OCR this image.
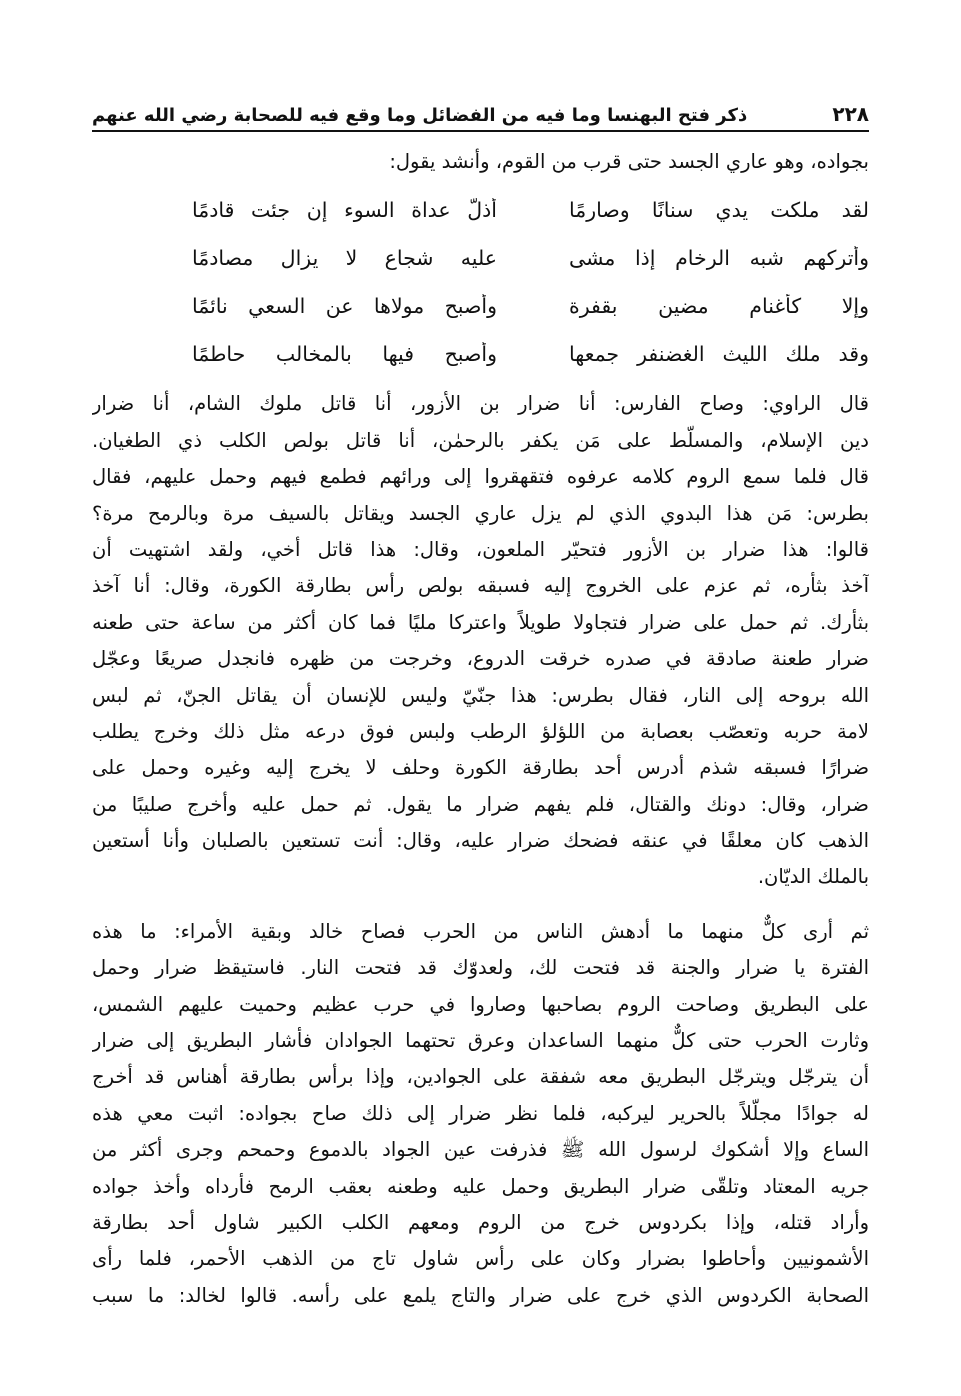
٢٢٨
ذكر فتح البهنسا وما فيه من الفضائل وما وقع فيه للصحابة رضي الله عنهم
بجواده، وهو عاري الجسد حتى قرب من القوم، وأنشد يقول:
لقد ملكت يدي سنانًا وصارمًا
أذلّ عداة السوء إن جئت قادمًا
وأتركهم شبه الرخام إذا مشى
عليه شجاع لا يزال مصادمًا
وإلا كأغنام مضين بقفرة
وأصبح مولاها عن السعي نائمًا
وقد ملك الليث الغضنفر جمعها
وأصبح فيها بالمخالب حاطمًا
قال الراوي: وصاح الفارس: أنا ضرار بن الأزور، أنا قاتل ملوك الشام، أنا ضرار
دين الإسلام، والمسلّط على مَن يكفر بالرحمٰن، أنا قاتل بولص الكلب ذي الطغيان.
قال فلما سمع الروم كلامه عرفوه فتقهقروا إلى ورائهم فطمع فيهم وحمل عليهم، فقال
بطرس: مَن هذا البدوي الذي لم يزل عاري الجسد ويقاتل بالسيف مرة وبالرمح مرة؟
قالوا: هذا ضرار بن الأزور فتحيّر الملعون، وقال: هذا قاتل أخي، ولقد اشتهيت أن
آخذ بثأره، ثم عزم على الخروج إليه فسبقه بولص رأس بطارقة الكورة، وقال: أنا آخذ
بثأرك. ثم حمل على ضرار فتجاولا طويلاً واعتركا مليًا فما كان أكثر من ساعة حتى طعنه
ضرار طعنة صادقة في صدره خرقت الدروع، وخرجت من ظهره فانجدل صريعًا وعجّل
الله بروحه إلى النار، فقال بطرس: هذا جنّيّ وليس للإنسان أن يقاتل الجنّ، ثم لبس
لامة حربه وتعصّب بعصابة من اللؤلؤ الرطب ولبس فوق درعه مثل ذلك وخرج يطلب
ضرارًا فسبقه شذم أدرس أحد بطارقة الكورة وحلف لا يخرج إليه وغيره وحمل على
ضرار، وقال: دونك والقتال، فلم يفهم ضرار ما يقول. ثم حمل عليه وأخرج صليبًا من
الذهب كان معلقًا في عنقه فضحك ضرار عليه، وقال: أنت تستعين بالصلبان وأنا أستعين
بالملك الديّان.
ثم أرى كلٌّ منهما ما أدهش الناس من الحرب فصاح خالد وبقية الأمراء: ما هذه
الفترة يا ضرار والجنة قد فتحت لك، ولعدوّك قد فتحت النار. فاستيقظ ضرار وحمل
على البطريق وصاحت الروم بصاحبها وصاروا في حرب عظيم وحميت عليهم الشمس،
وثارت الحرب حتى كلٌّ منهما الساعدان وعرق تحتهما الجوادان فأشار البطريق إلى ضرار
أن يترجّل ويترجّل البطريق معه شفقة على الجوادين، وإذا برأس بطارقة أهناس قد أخرج
له جوادًا مجلّلاً بالحرير ليركبه، فلما نظر ضرار إلى ذلك صاح بجواده: اثبت معي هذه
الساع وإلا أشكوك لرسول الله ﷺ فذرفت عين الجواد بالدموع وحمحم وجرى أكثر من
جريه المعتاد وتلقّى ضرار البطريق وحمل عليه وطعنه بعقب الرمح فأرداه وأخذ جواده
وأراد قتله، وإذا بكردوس خرج من الروم ومعهم الكلب الكبير شاول أحد بطارقة
الأشمونيين وأحاطوا بضرار وكان على رأس شاول تاج من الذهب الأحمر، فلما رأى
الصحابة الكردوس الذي خرج على ضرار والتاج يلمع على رأسه. قالوا لخالد: ما سبب
